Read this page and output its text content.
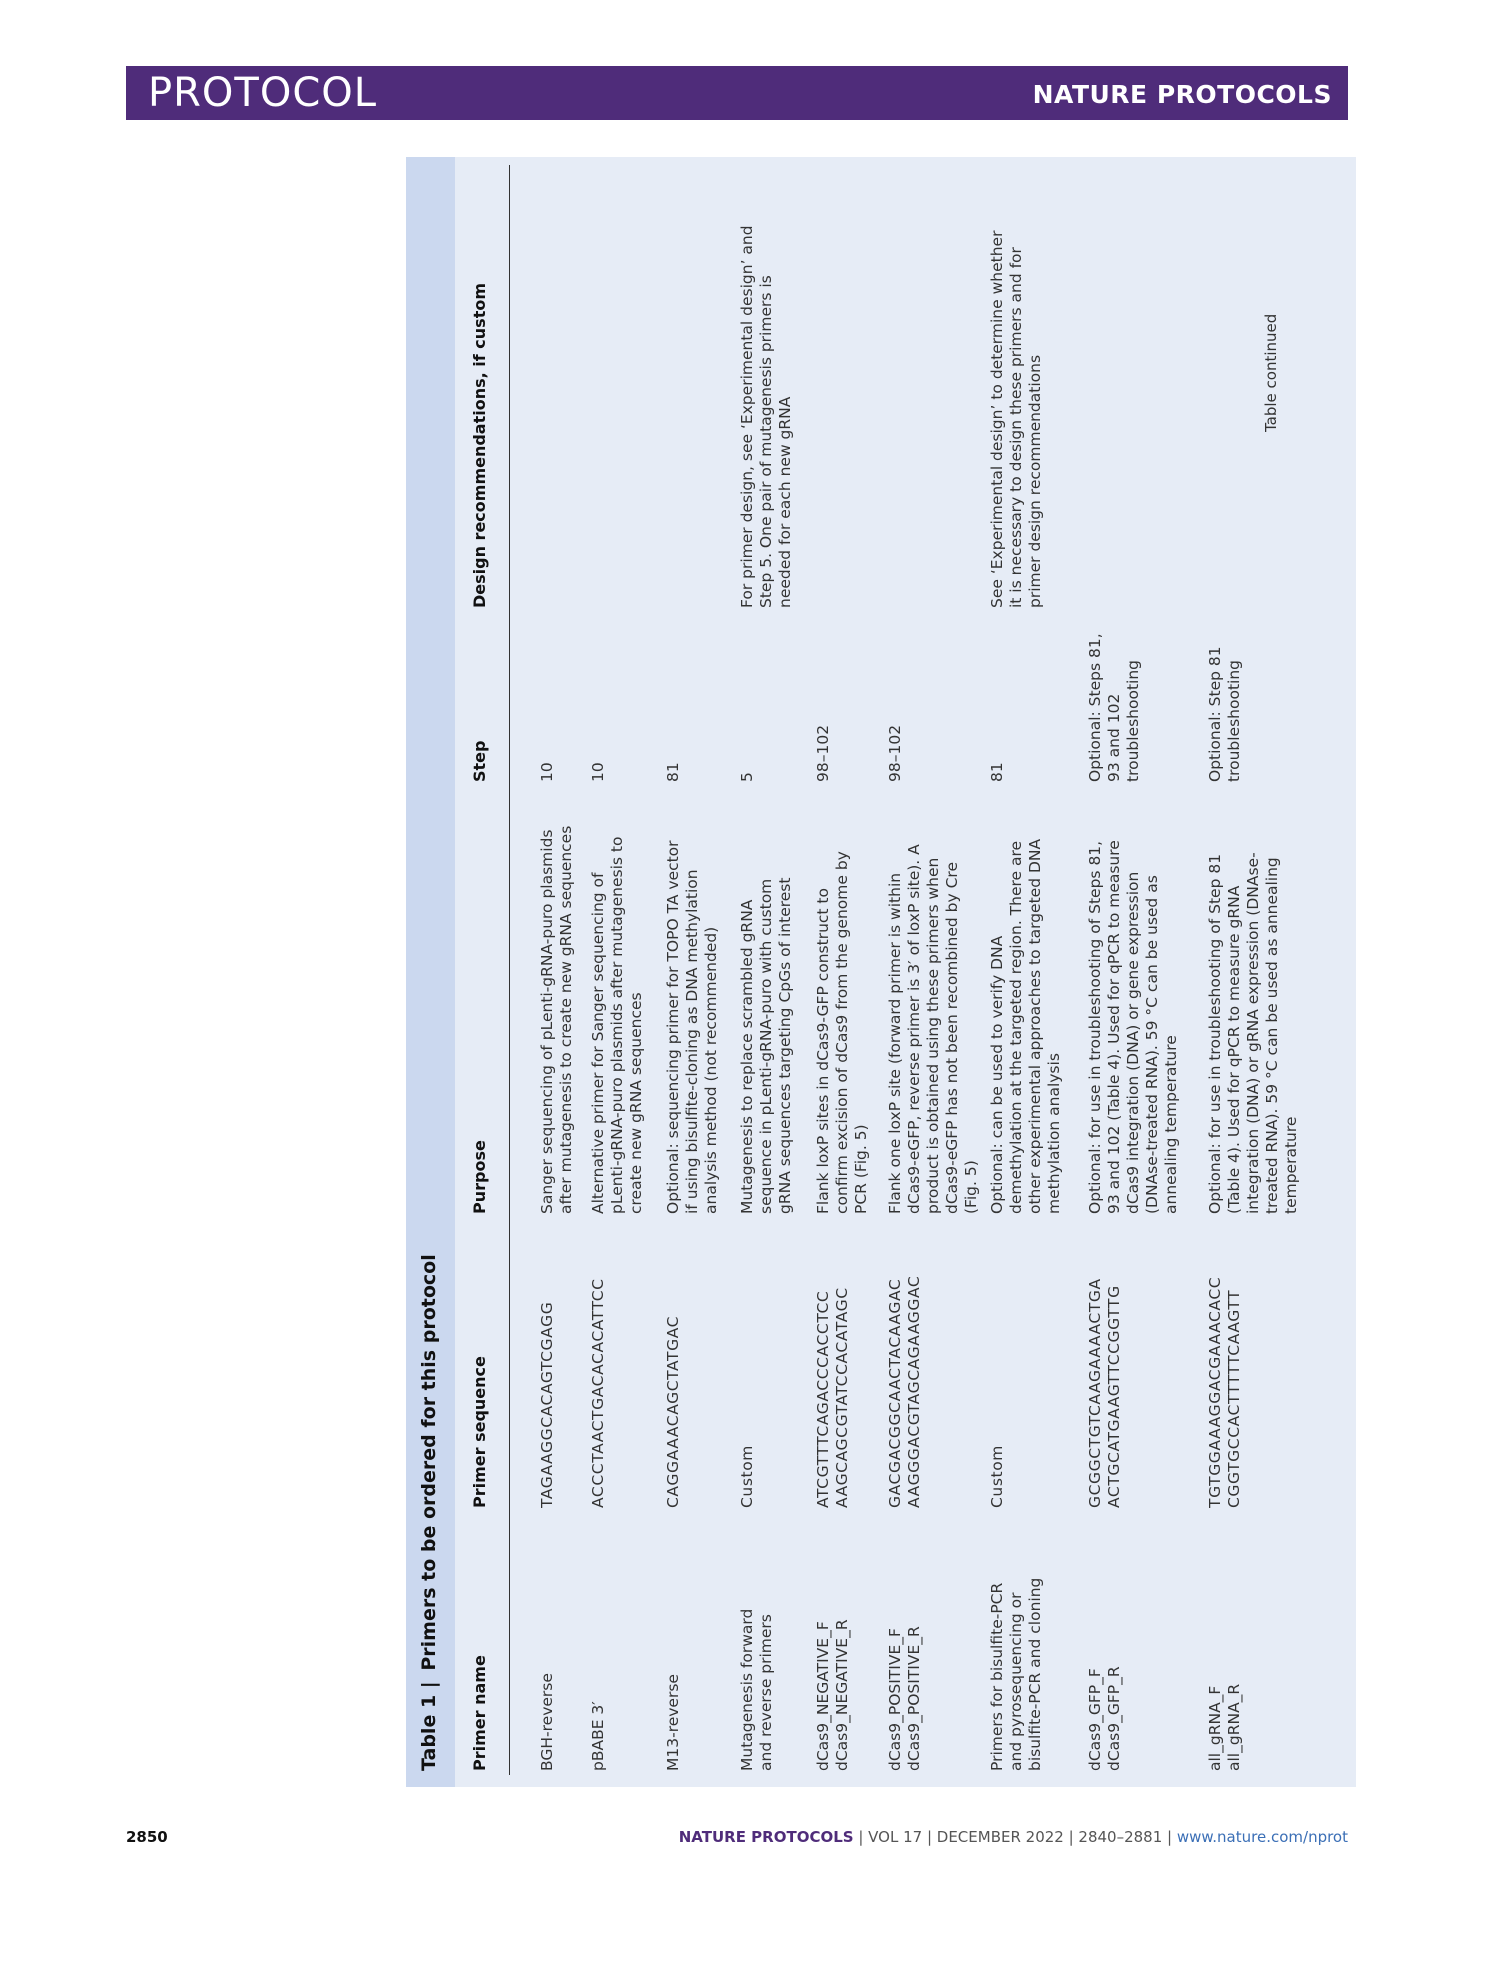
PROTOCOL	NATURE PROTOCOLS
Table 1 | Primers to be ordered for this protocol
Primer name
Primer sequence
Purpose
Step
Design recommendations, if custom
BGH-reverse
TAGAAGGCACAGTCGAGG
Sanger sequencing of pLenti-gRNA-puro plasmids after mutagenesis to create new gRNA sequences
10
pBABE 3′
ACCCTAACTGACACACATTCC
Alternative primer for Sanger sequencing of pLenti-gRNA-puro plasmids after mutagenesis to create new gRNA sequences
10
M13-reverse
CAGGAAACAGCTATGAC
Optional: sequencing primer for TOPO TA vector if using bisulfite-cloning as DNA methylation analysis method (not recommended)
81
Mutagenesis forward and reverse primers
Custom
Mutagenesis to replace scrambled gRNA sequence in pLenti-gRNA-puro with custom gRNA sequences targeting CpGs of interest
5
For primer design, see ‘Experimental design’ and Step 5. One pair of mutagenesis primers is needed for each new gRNA
dCas9_NEGATIVE_F dCas9_NEGATIVE_R
ATCGTTTCAGACCCACCTCC AAGCAGCGTATCCACATAGC
Flank loxP sites in dCas9-GFP construct to confirm excision of dCas9 from the genome by PCR (Fig. 5)
98–102
dCas9_POSITIVE_F dCas9_POSITIVE_R
GACGACGGCAACTACAAGAC AAGGGACGTAGCAGAAGGAC
Flank one loxP site (forward primer is within dCas9-eGFP, reverse primer is 3′ of loxP site). A product is obtained using these primers when dCas9-eGFP has not been recombined by Cre (Fig. 5)
98–102
Primers for bisulfite-PCR and pyrosequencing or bisulfite-PCR and cloning
Custom
Optional: can be used to verify DNA demethylation at the targeted region. There are other experimental approaches to targeted DNA methylation analysis
81
See ‘Experimental design’ to determine whether it is necessary to design these primers and for primer design recommendations
dCas9_GFP_F dCas9_GFP_R
GCGGCTGTCAAGAAAACTGA ACTGCATGAAGTTCCGGTTG
Optional: for use in troubleshooting of Steps 81, 93 and 102 (Table 4). Used for qPCR to measure dCas9 integration (DNA) or gene expression (DNAse-treated RNA). 59 °C can be used as annealing temperature
Optional: Steps 81, 93 and 102 troubleshooting
all_gRNA_F all_gRNA_R
TGTGGAAAGGACGAAACACC CGGTGCCACTTTTTCAAGTT
Optional: for use in troubleshooting of Step 81 (Table 4). Used for qPCR to measure gRNA integration (DNA) or gRNA expression (DNAse- treated RNA). 59 °C can be used as annealing temperature
Optional: Step 81 troubleshooting
Table continued
2850	NATURE PROTOCOLS | VOL 17 | DECEMBER 2022 | 2840–2881 | www.nature.com/nprot
